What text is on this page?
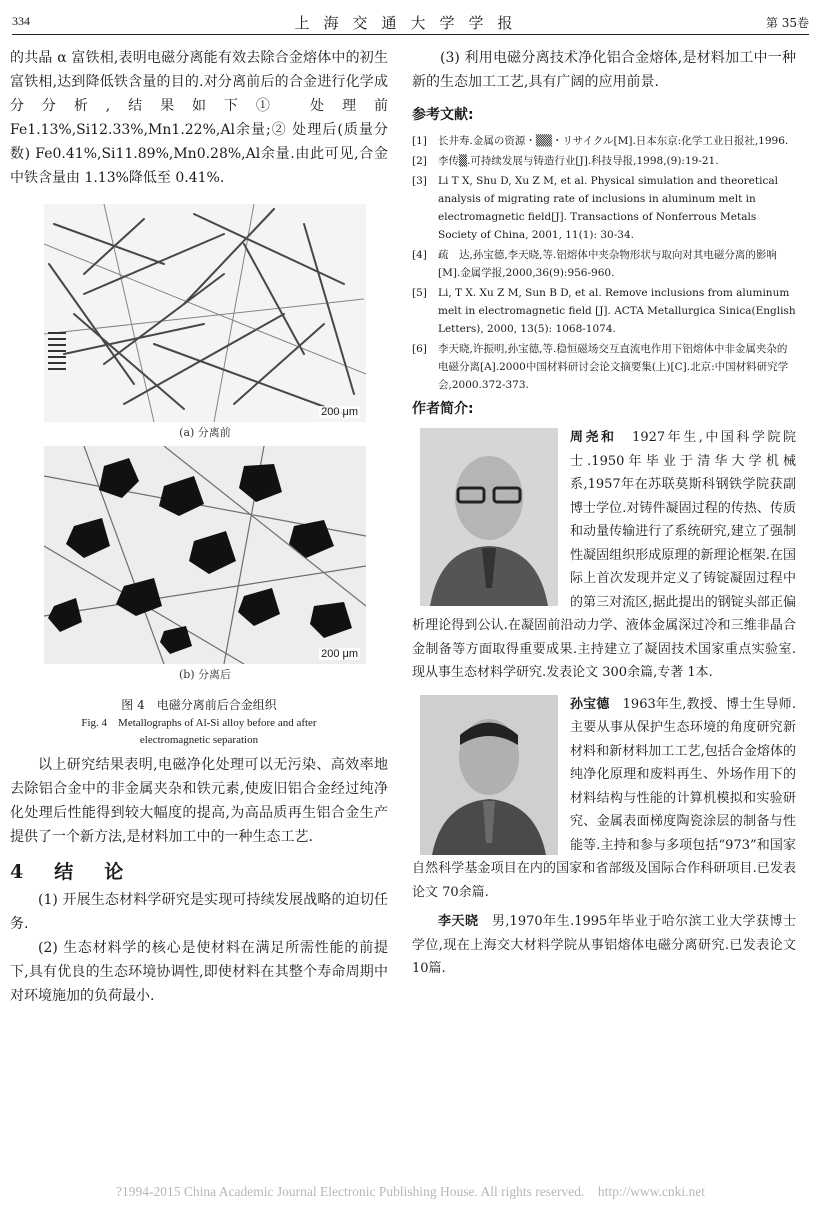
334	上海交通大学学报	第 35卷

的共晶 α 富铁相,表明电磁分离能有效去除合金熔体中的初生富铁相,达到降低铁含量的目的.对分离前后的合金进行化学成分分析,结果如下① 处理前 Fe1.13%,Si12.33%,Mn1.22%,Al余量;② 处理后(质量分数) Fe0.41%,Si11.89%,Mn0.28%,Al余量.由此可见,合金中铁含量由 1.13%降低至 0.41%.

200 μm
(a) 分离前
200 μm
(b) 分离后
图 4　电磁分离前后合金组织
Fig. 4　Metallographs of Al-Si alloy before and after electromagnetic separation

以上研究结果表明,电磁净化处理可以无污染、高效率地去除铝合金中的非金属夹杂和铁元素,使废旧铝合金经过纯净化处理后性能得到较大幅度的提高,为高品质再生铝合金生产提供了一个新方法,是材料加工中的一种生态工艺.

4　结　论

(1) 开展生态材料学研究是实现可持续发展战略的迫切任务.

(2) 生态材料学的核心是使材料在满足所需性能的前提下,具有优良的生态环境协调性,即使材料在其整个寿命周期中对环境施加的负荷最小.

(3) 利用电磁分离技术净化铝合金熔体,是材料加工中一种新的生态加工工艺,具有广阔的应用前景.

参考文献:
[1] 长井寿.金属の资源・▒▒・リサイクル[M].日本东京:化学工业日报社,1996.
[2] 李传▒.可持续发展与铸造行业[J].科技导报,1998,(9):19-21.
[3] Li T X, Shu D, Xu Z M, et al. Physical simulation and theoretical analysis of migrating rate of inclusions in aluminum melt in electromagnetic field[J]. Transactions of Nonferrous Metals Society of China, 2001, 11(1): 30-34.
[4] 疏　达,孙宝德,李天晓,等.铝熔体中夹杂物形状与取向对其电磁分离的影响[M].金属学报,2000,36(9):956-960.
[5] Li, T X. Xu Z M, Sun B D, et al. Remove inclusions from aluminum melt in electromagnetic field [J]. ACTA Metallurgica Sinica(English Letters), 2000, 13(5): 1068-1074.
[6] 李天晓,许振明,孙宝德,等.稳恒磁场交互直流电作用下铝熔体中非金属夹杂的电磁分离[A].2000中国材料研讨会论文摘要集(上)[C].北京:中国材料研究学会,2000.372-373.
作者简介:

周尧和　1927年生,中国科学院院士.1950年毕业于清华大学机械系,1957年在苏联莫斯科钢铁学院获副博士学位.对铸件凝固过程的传热、传质和动量传输进行了系统研究,建立了强制性凝固组织形成原理的新理论框架.在国际上首次发现并定义了铸锭凝固过程中的第三对流区,据此提出的钢锭头部正偏析理论得到公认.在凝固前沿动力学、液体金属深过冷和三维非晶合金制备等方面取得重要成果.主持建立了凝固技术国家重点实验室.现从事生态材料学研究.发表论文 300余篇,专著 1本.

孙宝德　1963年生,教授、博士生导师.主要从事从保护生态环境的角度研究新材料和新材料加工工艺,包括合金熔体的纯净化原理和废料再生、外场作用下的材料结构与性能的计算机模拟和实验研究、金属表面梯度陶瓷涂层的制备与性能等.主持和参与多项包括“973”和国家自然科学基金项目在内的国家和省部级及国际合作科研项目.已发表论文 70余篇.

李天晓　男,1970年生.1995年毕业于哈尔滨工业大学获博士学位,现在上海交大材料学院从事铝熔体电磁分离研究.已发表论文 10篇.

?1994-2015 China Academic Journal Electronic Publishing House. All rights reserved.　http://www.cnki.net
